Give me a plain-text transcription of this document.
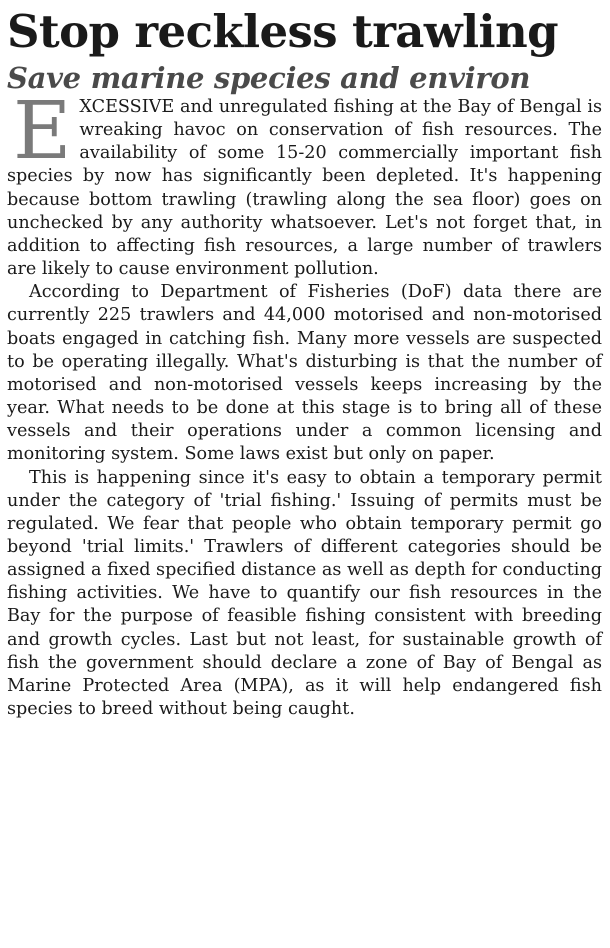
Stop reckless trawling
Save marine species and environ

EXCESSIVE and unregulated fishing at the Bay of Bengal is wreaking havoc on conservation of fish resources. The availability of some 15-20 commercially important fish species by now has significantly been depleted. It's happening because bottom trawling (trawling along the sea floor) goes on unchecked by any authority whatsoever. Let's not forget that, in addition to affecting fish resources, a large number of trawlers are likely to cause environment pollution.

According to Department of Fisheries (DoF) data there are currently 225 trawlers and 44,000 motorised and non-motorised boats engaged in catching fish. Many more vessels are suspected to be operating illegally. What's disturbing is that the number of motorised and non-motorised vessels keeps increasing by the year. What needs to be done at this stage is to bring all of these vessels and their operations under a common licensing and monitoring system. Some laws exist but only on paper.

This is happening since it's easy to obtain a temporary permit under the category of 'trial fishing.' Issuing of permits must be regulated. We fear that people who obtain temporary permit go beyond 'trial limits.' Trawlers of different categories should be assigned a fixed specified distance as well as depth for conducting fishing activities. We have to quantify our fish resources in the Bay for the purpose of feasible fishing consistent with breeding and growth cycles. Last but not least, for sustainable growth of fish the government should declare a zone of Bay of Bengal as Marine Protected Area (MPA), as it will help endangered fish species to breed without being caught.
